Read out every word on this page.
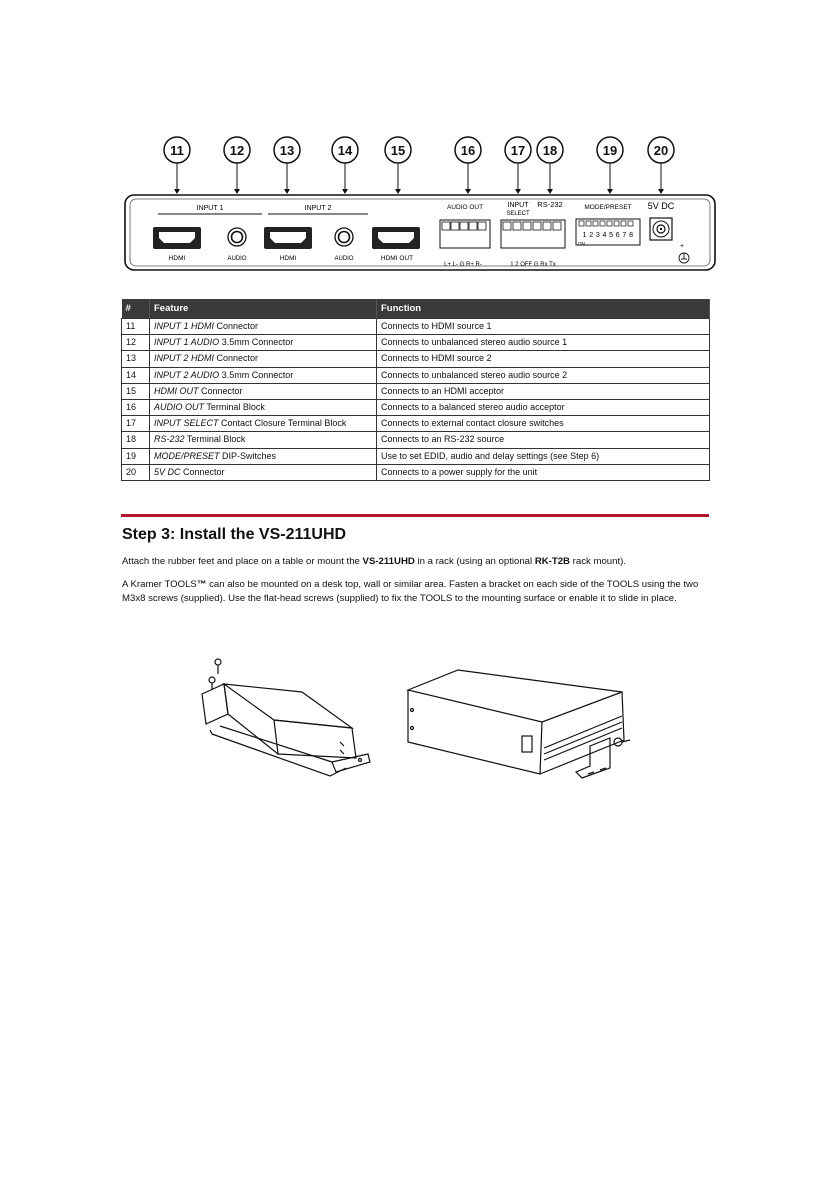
11	12	13	14	15	16	17 18	19	20
INPUT 1	INPUT 2
HDMI	AUDIO	HDMI	AUDIO	HDMI OUT
AUDIO OUT
L+ L- G R+ R-
INPUT
SELECT
RS-232
1 2 OFF G Rx Tx
MODE/PRESET
1 2 3 4 5 6 7 8
ON
5V DC
+
#	Feature	Function
11	INPUT 1 HDMI Connector	Connects to HDMI source 1
12	INPUT 1 AUDIO 3.5mm Connector	Connects to unbalanced stereo audio source 1
13	INPUT 2 HDMI Connector	Connects to HDMI source 2
14	INPUT 2 AUDIO 3.5mm Connector	Connects to unbalanced stereo audio source 2
15	HDMI OUT Connector	Connects to an HDMI acceptor
16	AUDIO OUT Terminal Block	Connects to a balanced stereo audio acceptor
17	INPUT SELECT Contact Closure Terminal Block	Connects to external contact closure switches
18	RS-232 Terminal Block	Connects to an RS-232 source
19	MODE/PRESET DIP-Switches	Use to set EDID, audio and delay settings (see Step 6)
20	5V DC Connector	Connects to a power supply for the unit
Step 3: Install the VS-211UHD

Attach the rubber feet and place on a table or mount the VS-211UHD in a rack (using an optional RK-T2B rack mount).

A Kramer TOOLS™ can also be mounted on a desk top, wall or similar area. Fasten a bracket on each side of the TOOLS using the two M3x8 screws (supplied). Use the flat-head screws (supplied) to fix the TOOLS to the mounting surface or enable it to slide in place.
